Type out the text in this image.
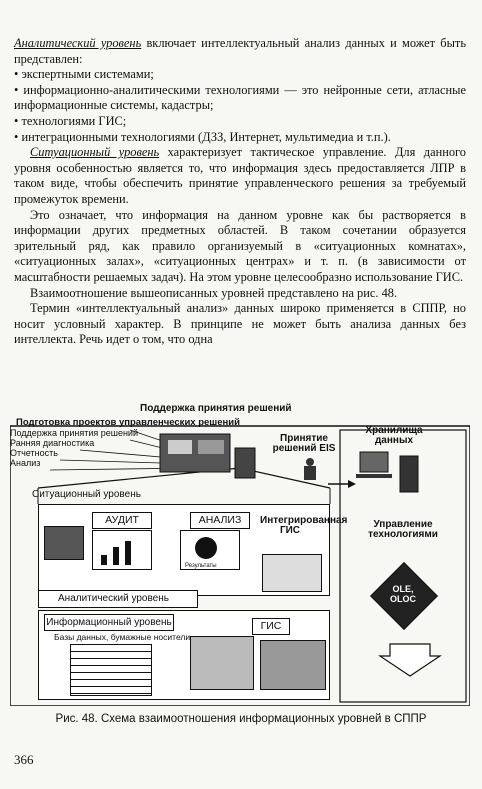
Аналитический уровень включает интеллектуальный анализ данных и может быть представлен:

• экспертными системами;
• информационно-аналитическими технологиями — это нейронные сети, атласные информационные системы, кадастры;
• технологиями ГИС;
• интеграционными технологиями (ДЗЗ, Интернет, мультимедиа и т.п.).

Ситуационный уровень характеризует тактическое управление. Для данного уровня особенностью является то, что информация здесь предоставляется ЛПР в таком виде, чтобы обеспечить принятие управленческого решения за требуемый промежуток времени.

Это означает, что информация на данном уровне как бы растворяется в информации других предметных областей. В таком сочетании образуется зрительный ряд, как правило организуемый в «ситуационных комнатах», «ситуационных залах», «ситуационных центрах» и т. п. (в зависимости от масштабности решаемых задач). На этом уровне целесообразно использование ГИС.

Взаимоотношение вышеописанных уровней представлено на рис. 48.

Термин «интеллектуальный анализ» данных широко применяется в СППР, но носит условный характер. В принципе не может быть анализа данных без интеллекта. Речь идет о том, что одна

Поддержка принятия решений
Подготовка проектов управленческих решений
Поддержка принятия решений
Ранняя диагностика
Отчетность
Анализ
Принятие решений EIS
Хранилища данных
Управление технологиями
Ситуационный уровень
АУДИТ	АНАЛИЗ	Интегрированная ГИС
Результаты
Аналитический уровень
OLE, OLOC
Информационный уровень
Базы данных, бумажные носители
ГИС
Рис. 48. Схема взаимоотношения информационных уровней в СППР
366
